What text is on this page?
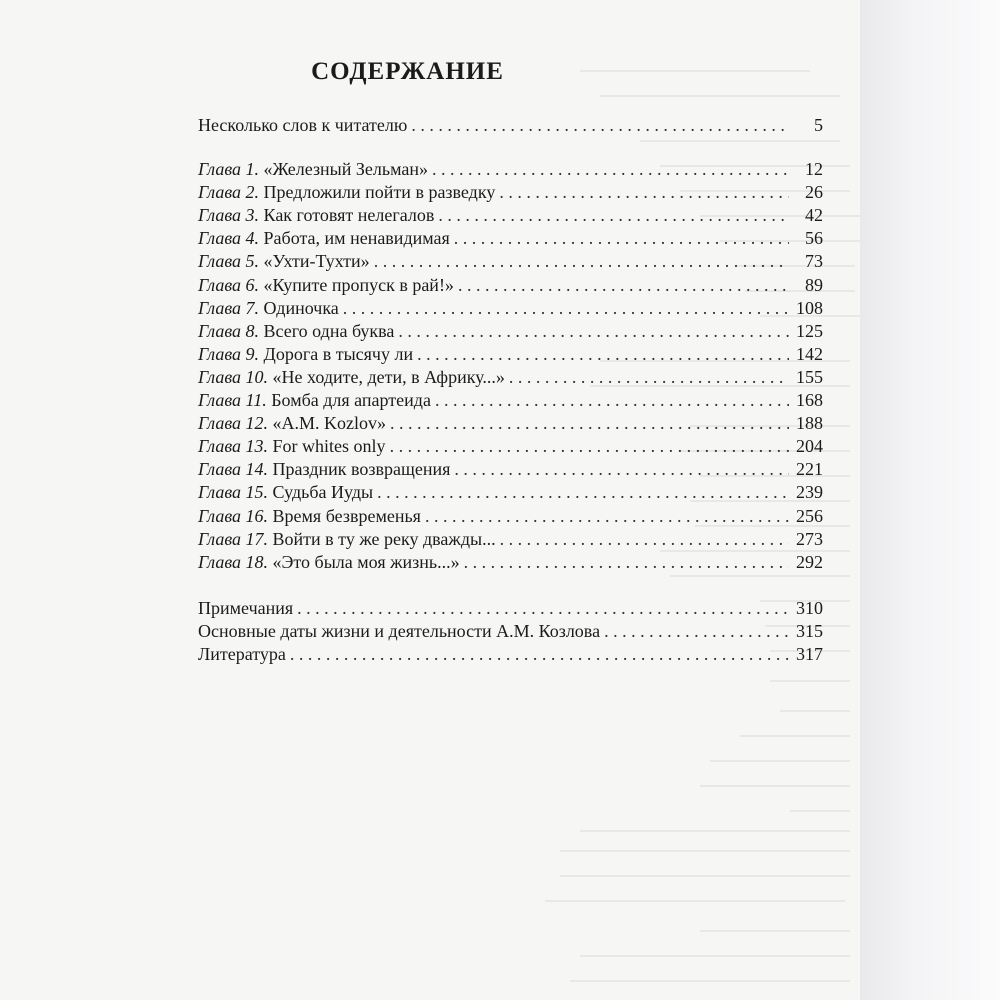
СОДЕРЖАНИЕ
Несколько слов к читателю . . .	5
Глава 1. «Железный Зельман» . . .	12
Глава 2. Предложили пойти в разведку . . .	26
Глава 3. Как готовят нелегалов . . .	42
Глава 4. Работа, им ненавидимая . . .	56
Глава 5. «Ухти-Тухти» . . .	73
Глава 6. «Купите пропуск в рай!» . . .	89
Глава 7. Одиночка . . .	108
Глава 8. Всего одна буква . . .	125
Глава 9. Дорога в тысячу ли . . .	142
Глава 10. «Не ходите, дети, в Африку...» . . .	155
Глава 11. Бомба для апартеида . . .	168
Глава 12. «A.M. Kozlov» . . .	188
Глава 13. For whites only . . .	204
Глава 14. Праздник возвращения . . .	221
Глава 15. Судьба Иуды . . .	239
Глава 16. Время безвременья . . .	256
Глава 17. Войти в ту же реку дважды... . . .	273
Глава 18. «Это была моя жизнь...» . . .	292
Примечания . . .	310
Основные даты жизни и деятельности А.М. Козлова . . .	315
Литература . . .	317
